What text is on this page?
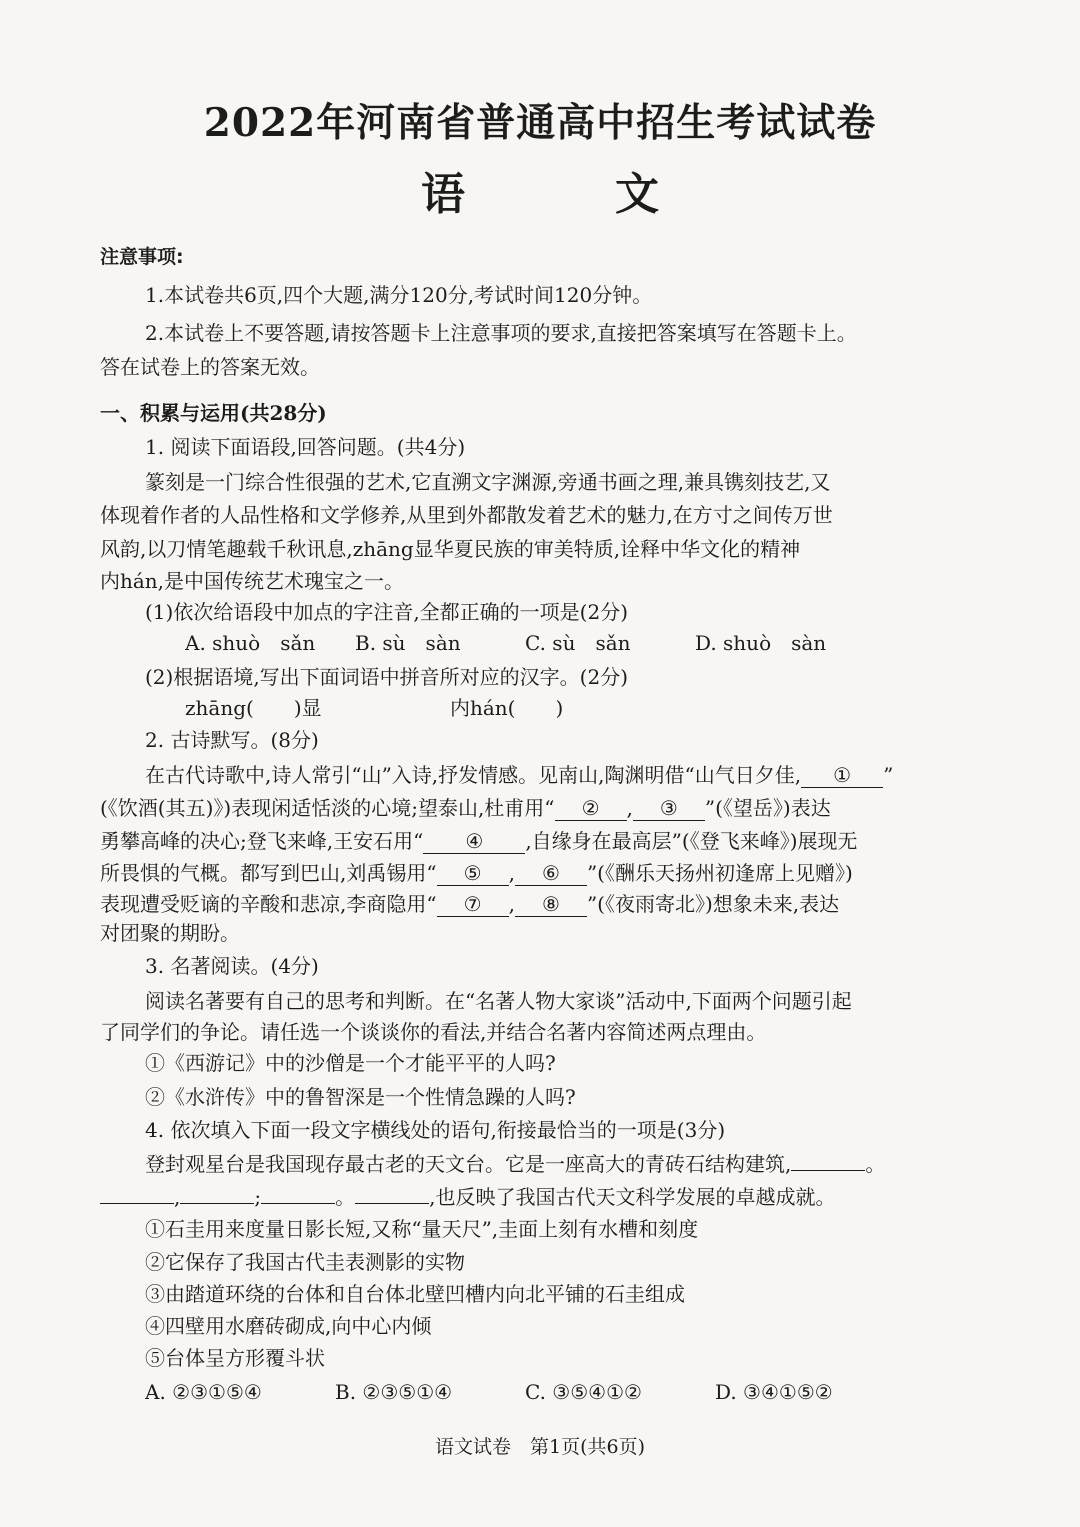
2022年河南省普通高中招生考试试卷
语	文

注意事项:

1.本试卷共6页,四个大题,满分120分,考试时间120分钟。

2.本试卷上不要答题,请按答题卡上注意事项的要求,直接把答案填写在答题卡上。

答在试卷上的答案无效。

一、积累与运用(共28分)

1. 阅读下面语段,回答问题。(共4分)

篆刻是一门综合性很强的艺术,它直溯文字渊源,旁通书画之理,兼具镌刻技艺,又

体现着作者的人品性格和文学修养,从里到外都散发着艺术的魅力,在方寸之间传万世

风韵,以刀情笔趣载千秋讯息,zhāng显华夏民族的审美特质,诠释中华文化的精神

内hán,是中国传统艺术瑰宝之一。

(1)依次给语段中加点的字注音,全都正确的一项是(2分)

A. shuò　sǎn B. sù　sàn	C. sù　sǎn	D. shuò　sàn

(2)根据语境,写出下面词语中拼音所对应的汉字。(2分)

zhāng(　　)显	内hán(　　)

2. 古诗默写。(8分)

在古代诗歌中,诗人常引“山”入诗,抒发情感。见南山,陶渊明借“山气日夕佳, ① ”

(《饮酒(其五)》)表现闲适恬淡的心境;望泰山,杜甫用“ ② , ③ ”(《望岳》)表达

勇攀高峰的决心;登飞来峰,王安石用“ ④ ,自缘身在最高层”(《登飞来峰》)展现无

所畏惧的气概。都写到巴山,刘禹锡用“ ⑤ , ⑥ ”(《酬乐天扬州初逢席上见赠》)

表现遭受贬谪的辛酸和悲凉,李商隐用“ ⑦ , ⑧ ”(《夜雨寄北》)想象未来,表达

对团聚的期盼。

3. 名著阅读。(4分)

阅读名著要有自己的思考和判断。在“名著人物大家谈”活动中,下面两个问题引起

了同学们的争论。请任选一个谈谈你的看法,并结合名著内容简述两点理由。

①《西游记》中的沙僧是一个才能平平的人吗?

②《水浒传》中的鲁智深是一个性情急躁的人吗?

4. 依次填入下面一段文字横线处的语句,衔接最恰当的一项是(3分)

登封观星台是我国现存最古老的天文台。它是一座高大的青砖石结构建筑,	。

,	;	。	,也反映了我国古代天文科学发展的卓越成就。

①石圭用来度量日影长短,又称“量天尺”,圭面上刻有水槽和刻度

②它保存了我国古代圭表测影的实物

③由踏道环绕的台体和自台体北壁凹槽内向北平铺的石圭组成

④四壁用水磨砖砌成,向中心内倾

⑤台体呈方形覆斗状

A. ②③①⑤④	B. ②③⑤①④	C. ③⑤④①②	D. ③④①⑤②

语文试卷　第1页(共6页)
